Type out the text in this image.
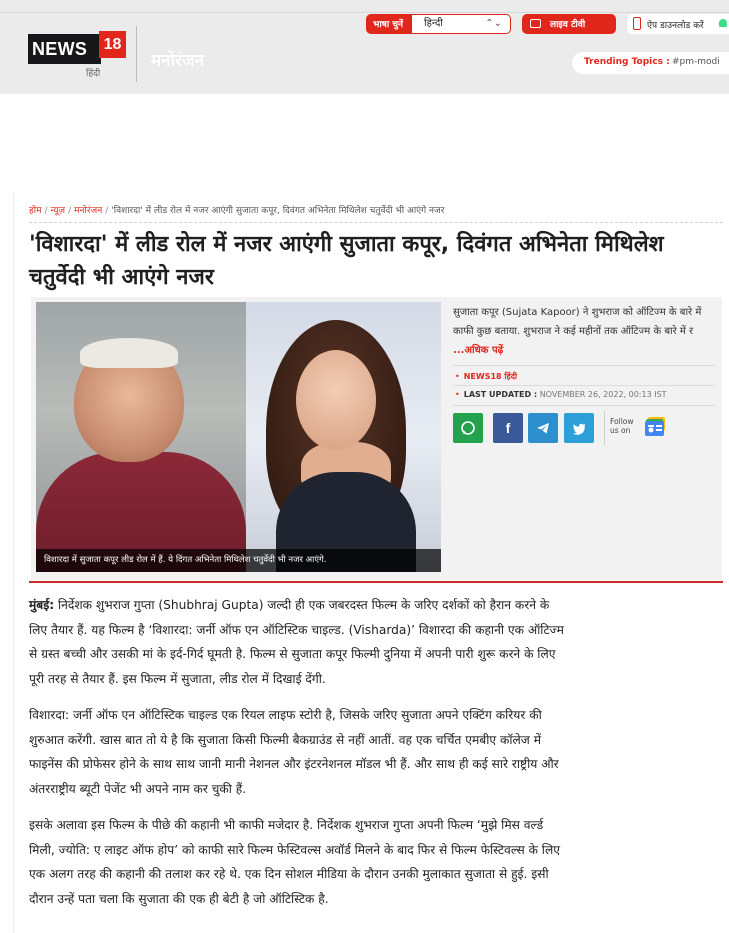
NEWS	18
हिंदी
मनोरंजन
भाषा चुनें	हिन्दी	⌃⌄	लाइव टीवी	ऐप डाउनलोड करें
Trending Topics : #pm-modi
होम / न्यूज़ / मनोरंजन / 'विशारदा' में लीड रोल में नजर आएंगी सुजाता कपूर, दिवंगत अभिनेता मिथिलेश चतुर्वेदी भी आएंगे नजर
'विशारदा' में लीड रोल में नजर आएंगी सुजाता कपूर, दिवंगत अभिनेता मिथिलेश चतुर्वेदी भी आएंगे नजर
विशारदा में सुजाता कपूर लीड रोल में हैं. ये दिंगत अभिनेता मिथिलेश चतुर्वेदी भी नजर आएंगे.
सुजाता कपूर (Sujata Kapoor) ने शुभराज को ऑटिज्म के बारे में काफी कुछ बताया. शुभराज ने कई महीनों तक ऑटिज्म के बारे में र ...अधिक पढ़ें
• NEWS18 हिंदी
• LAST UPDATED : NOVEMBER 26, 2022, 00:13 IST
f	Follow
us on

मुंबई: निर्देशक शुभराज गुप्ता (Shubhraj Gupta) जल्दी ही एक जबरदस्त फिल्म के जरिए दर्शकों को हैरान करने के लिए तैयार हैं. यह फिल्म है ‘विशारदा: जर्नी ऑफ एन ऑटिस्टिक चाइल्ड. (Visharda)’ विशारदा की कहानी एक ऑटिज्म से ग्रस्त बच्ची और उसकी मां के इर्द-गिर्द घूमती है. फिल्म से सुजाता कपूर फिल्मी दुनिया में अपनी पारी शुरू करने के लिए पूरी तरह से तैयार हैं. इस फिल्म में सुजाता, लीड रोल में दिखाई देंगी.

विशारदा: जर्नी ऑफ एन ऑटिस्टिक चाइल्ड एक रियल लाइफ स्टोरी है, जिसके जरिए सुजाता अपने एक्टिंग करियर की शुरुआत करेंगी. खास बात तो ये है कि सुजाता किसी फिल्मी बैकग्राउंड से नहीं आतीं. वह एक चर्चित एमबीए कॉलेज में फाइनेंस की प्रोफेसर होने के साथ साथ जानी मानी नेशनल और इंटरनेशनल मॉडल भी हैं. और साथ ही कई सारे राष्ट्रीय और अंतरराष्ट्रीय ब्यूटी पेजेंट भी अपने नाम कर चुकी हैं.

इसके अलावा इस फिल्म के पीछे की कहानी भी काफी मजेदार है. निर्देशक शुभराज गुप्ता अपनी फिल्म ‘मुझे मिस वर्ल्ड मिली, ज्योति: ए लाइट ऑफ होप’ को काफी सारे फिल्म फेस्टिवल्स अवॉर्ड मिलने के बाद फिर से फिल्म फेस्टिवल्स के लिए एक अलग तरह की कहानी की तलाश कर रहे थे. एक दिन सोशल मीडिया के दौरान उनकी मुलाकात सुजाता से हुई. इसी दौरान उन्हें पता चला कि सुजाता की एक ही बेटी है जो ऑटिस्टिक है.
